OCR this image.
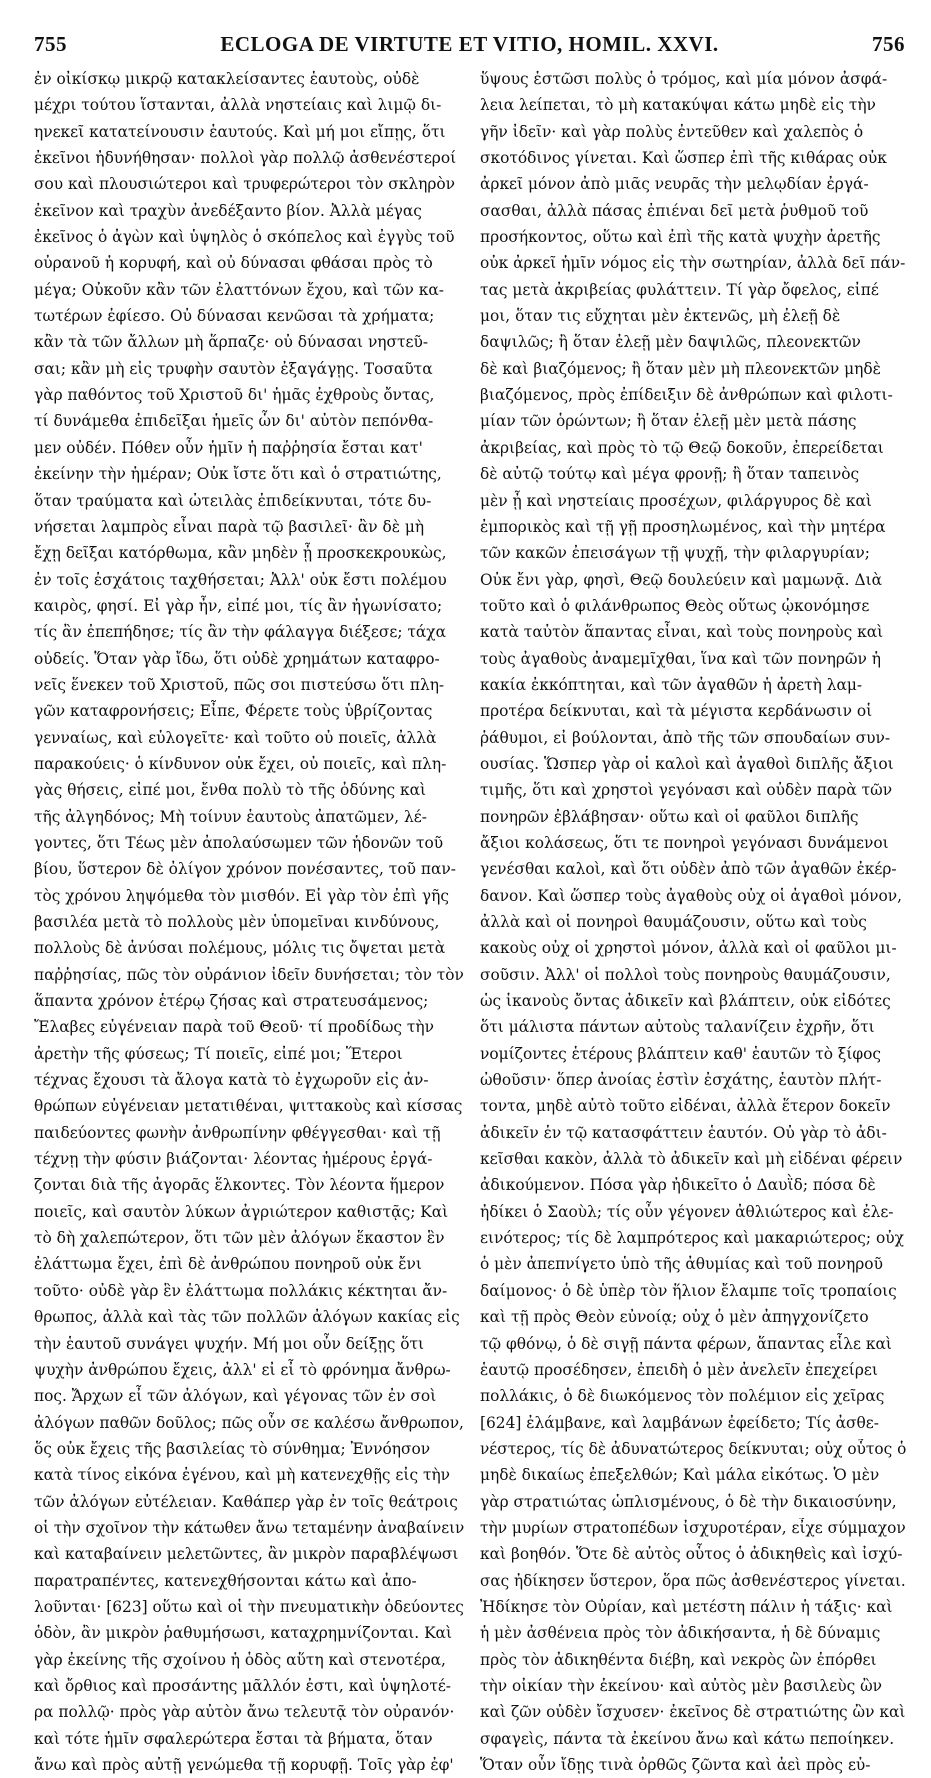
755	ECLOGA DE VIRTUTE ET VITIO, HOMIL. XXVI.	756
ἐν οἰκίσκῳ μικρῷ κατακλείσαντες ἑαυτοὺς, οὐδὲ
μέχρι τούτου ἵστανται, ἀλλὰ νηστείαις καὶ λιμῷ δι-
ηνεκεῖ κατατείνουσιν ἑαυτούς. Καὶ μή μοι εἴπῃς, ὅτι
ἐκεῖνοι ἠδυνήθησαν· πολλοὶ γὰρ πολλῷ ἀσθενέστεροί
σου καὶ πλουσιώτεροι καὶ τρυφερώτεροι τὸν σκληρὸν
ἐκεῖνον καὶ τραχὺν ἀνεδέξαντο βίον. Ἀλλὰ μέγας
ἐκεῖνος ὁ ἀγὼν καὶ ὑψηλὸς ὁ σκόπελος καὶ ἐγγὺς τοῦ
οὐρανοῦ ἡ κορυφή, καὶ οὐ δύνασαι φθάσαι πρὸς τὸ
μέγα; Οὐκοῦν κἂν τῶν ἐλαττόνων ἔχου, καὶ τῶν κα-
τωτέρων ἐφίεσο. Οὐ δύνασαι κενῶσαι τὰ χρήματα;
κἂν τὰ τῶν ἄλλων μὴ ἅρπαζε· οὐ δύνασαι νηστεῦ-
σαι; κἂν μὴ εἰς τρυφὴν σαυτὸν ἐξαγάγῃς. Τοσαῦτα
γὰρ παθόντος τοῦ Χριστοῦ δι' ἡμᾶς ἐχθροὺς ὄντας,
τί δυνάμεθα ἐπιδεῖξαι ἡμεῖς ὧν δι' αὐτὸν πεπόνθα-
μεν οὐδέν. Πόθεν οὖν ἡμῖν ἡ παῤῥησία ἔσται κατ'
ἐκείνην τὴν ἡμέραν; Οὐκ ἴστε ὅτι καὶ ὁ στρατιώτης,
ὅταν τραύματα καὶ ὠτειλὰς ἐπιδείκνυται, τότε δυ-
νήσεται λαμπρὸς εἶναι παρὰ τῷ βασιλεῖ· ἂν δὲ μὴ
ἔχῃ δεῖξαι κατόρθωμα, κἂν μηδὲν ᾖ προσκεκρουκὼς,
ἐν τοῖς ἐσχάτοις ταχθήσεται; Ἀλλ' οὐκ ἔστι πολέμου
καιρὸς, φησί. Εἰ γὰρ ἦν, εἰπέ μοι, τίς ἂν ἠγωνίσατο;
τίς ἂν ἐπεπήδησε; τίς ἂν τὴν φάλαγγα διέξεσε; τάχα
οὐδείς. Ὅταν γὰρ ἴδω, ὅτι οὐδὲ χρημάτων καταφρο-
νεῖς ἕνεκεν τοῦ Χριστοῦ, πῶς σοι πιστεύσω ὅτι πλη-
γῶν καταφρονήσεις; Εἶπε, Φέρετε τοὺς ὑβρίζοντας
γενναίως, καὶ εὐλογεῖτε· καὶ τοῦτο οὐ ποιεῖς, ἀλλὰ
παρακούεις· ὁ κίνδυνον οὐκ ἔχει, οὐ ποιεῖς, καὶ πλη-
γὰς θήσεις, εἰπέ μοι, ἔνθα πολὺ τὸ τῆς ὀδύνης καὶ
τῆς ἀλγηδόνος; Μὴ τοίνυν ἑαυτοὺς ἀπατῶμεν, λέ-
γοντες, ὅτι Τέως μὲν ἀπολαύσωμεν τῶν ἡδονῶν τοῦ
βίου, ὕστερον δὲ ὀλίγον χρόνον πονέσαντες, τοῦ παν-
τὸς χρόνου ληψόμεθα τὸν μισθόν. Εἰ γὰρ τὸν ἐπὶ γῆς
βασιλέα μετὰ τὸ πολλοὺς μὲν ὑπομεῖναι κινδύνους,
πολλοὺς δὲ ἀνύσαι πολέμους, μόλις τις ὄψεται μετὰ
παῤῥησίας, πῶς τὸν οὐράνιον ἰδεῖν δυνήσεται; τὸν τὸν
ἅπαντα χρόνον ἑτέρῳ ζήσας καὶ στρατευσάμενος;
Ἔλαβες εὐγένειαν παρὰ τοῦ Θεοῦ· τί προδίδως τὴν
ἀρετὴν τῆς φύσεως; Τί ποιεῖς, εἰπέ μοι; Ἕτεροι
τέχνας ἔχουσι τὰ ἄλογα κατὰ τὸ ἐγχωροῦν εἰς ἀν-
θρώπων εὐγένειαν μετατιθέναι, ψιττακοὺς καὶ κίσσας
παιδεύοντες φωνὴν ἀνθρωπίνην φθέγγεσθαι· καὶ τῇ
τέχνῃ τὴν φύσιν βιάζονται· λέοντας ἡμέρους ἐργά-
ζονται διὰ τῆς ἀγορᾶς ἕλκοντες. Τὸν λέοντα ἥμερον
ποιεῖς, καὶ σαυτὸν λύκων ἀγριώτερον καθιστᾷς; Καὶ
τὸ δὴ χαλεπώτερον, ὅτι τῶν μὲν ἀλόγων ἕκαστον ἓν
ἐλάττωμα ἔχει, ἐπὶ δὲ ἀνθρώπου πονηροῦ οὐκ ἔνι
τοῦτο· οὐδὲ γὰρ ἓν ἐλάττωμα πολλάκις κέκτηται ἄν-
θρωπος, ἀλλὰ καὶ τὰς τῶν πολλῶν ἀλόγων κακίας εἰς
τὴν ἑαυτοῦ συνάγει ψυχήν. Μή μοι οὖν δείξῃς ὅτι
ψυχὴν ἀνθρώπου ἔχεις, ἀλλ' εἰ εἶ τὸ φρόνημα ἄνθρω-
πος. Ἄρχων εἶ τῶν ἀλόγων, καὶ γέγονας τῶν ἐν σοὶ
ἀλόγων παθῶν δοῦλος; πῶς οὖν σε καλέσω ἄνθρωπον,
ὅς οὐκ ἔχεις τῆς βασιλείας τὸ σύνθημα; Ἐννόησον
κατὰ τίνος εἰκόνα ἐγένου, καὶ μὴ κατενεχθῇς εἰς τὴν
τῶν ἀλόγων εὐτέλειαν. Καθάπερ γὰρ ἐν τοῖς θεάτροις
οἱ τὴν σχοῖνον τὴν κάτωθεν ἄνω τεταμένην ἀναβαίνειν
καὶ καταβαίνειν μελετῶντες, ἂν μικρὸν παραβλέψωσι
παρατραπέντες, κατενεχθήσονται κάτω καὶ ἀπο-
λοῦνται· [623] οὕτω καὶ οἱ τὴν πνευματικὴν ὁδεύοντες
ὁδὸν, ἂν μικρὸν ῥαθυμήσωσι, καταχρημνίζονται. Καὶ
γὰρ ἐκείνης τῆς σχοίνου ἡ ὁδὸς αὕτη καὶ στενοτέρα,
καὶ ὄρθιος καὶ προσάντης μᾶλλόν ἐστι, καὶ ὑψηλοτέ-
ρα πολλῷ· πρὸς γὰρ αὐτὸν ἄνω τελευτᾷ τὸν οὐρανόν·
καὶ τότε ἡμῖν σφαλερώτερα ἔσται τὰ βήματα, ὅταν
ἄνω καὶ πρὸς αὐτῇ γενώμεθα τῇ κορυφῇ. Τοῖς γὰρ ἐφ'
ὕψους ἑστῶσι πολὺς ὁ τρόμος, καὶ μία μόνον ἀσφά-
λεια λείπεται, τὸ μὴ κατακύψαι κάτω μηδὲ εἰς τὴν
γῆν ἰδεῖν· καὶ γὰρ πολὺς ἐντεῦθεν καὶ χαλεπὸς ὁ
σκοτόδινος γίνεται. Καὶ ὥσπερ ἐπὶ τῆς κιθάρας οὐκ
ἀρκεῖ μόνον ἀπὸ μιᾶς νευρᾶς τὴν μελῳδίαν ἐργά-
σασθαι, ἀλλὰ πάσας ἐπιέναι δεῖ μετὰ ῥυθμοῦ τοῦ
προσήκοντος, οὕτω καὶ ἐπὶ τῆς κατὰ ψυχὴν ἀρετῆς
οὐκ ἀρκεῖ ἡμῖν νόμος εἰς τὴν σωτηρίαν, ἀλλὰ δεῖ πάν-
τας μετὰ ἀκριβείας φυλάττειν. Τί γὰρ ὄφελος, εἰπέ
μοι, ὅταν τις εὔχηται μὲν ἐκτενῶς, μὴ ἐλεῇ δὲ
δαψιλῶς; ἢ ὅταν ἐλεῇ μὲν δαψιλῶς, πλεονεκτῶν
δὲ καὶ βιαζόμενος; ἢ ὅταν μὲν μὴ πλεονεκτῶν μηδὲ
βιαζόμενος, πρὸς ἐπίδειξιν δὲ ἀνθρώπων καὶ φιλοτι-
μίαν τῶν ὁρώντων; ἢ ὅταν ἐλεῇ μὲν μετὰ πάσης
ἀκριβείας, καὶ πρὸς τὸ τῷ Θεῷ δοκοῦν, ἐπερείδεται
δὲ αὐτῷ τούτῳ καὶ μέγα φρονῇ; ἢ ὅταν ταπεινὸς
μὲν ᾖ καὶ νηστείαις προσέχων, φιλάργυρος δὲ καὶ
ἐμπορικὸς καὶ τῇ γῇ προσηλωμένος, καὶ τὴν μητέρα
τῶν κακῶν ἐπεισάγων τῇ ψυχῇ, τὴν φιλαργυρίαν;
Οὐκ ἔνι γὰρ, φησὶ, Θεῷ δουλεύειν καὶ μαμωνᾷ. Διὰ
τοῦτο καὶ ὁ φιλάνθρωπος Θεὸς οὕτως ᾠκονόμησε
κατὰ ταὐτὸν ἅπαντας εἶναι, καὶ τοὺς πονηροὺς καὶ
τοὺς ἀγαθοὺς ἀναμεμῖχθαι, ἵνα καὶ τῶν πονηρῶν ἡ
κακία ἐκκόπτηται, καὶ τῶν ἀγαθῶν ἡ ἀρετὴ λαμ-
προτέρα δείκνυται, καὶ τὰ μέγιστα κερδάνωσιν οἱ
ῥάθυμοι, εἰ βούλονται, ἀπὸ τῆς τῶν σπουδαίων συν-
ουσίας. Ὥσπερ γὰρ οἱ καλοὶ καὶ ἀγαθοὶ διπλῆς ἄξιοι
τιμῆς, ὅτι καὶ χρηστοὶ γεγόνασι καὶ οὐδὲν παρὰ τῶν
πονηρῶν ἐβλάβησαν· οὕτω καὶ οἱ φαῦλοι διπλῆς
ἄξιοι κολάσεως, ὅτι τε πονηροὶ γεγόνασι δυνάμενοι
γενέσθαι καλοὶ, καὶ ὅτι οὐδὲν ἀπὸ τῶν ἀγαθῶν ἐκέρ-
δανον. Καὶ ὥσπερ τοὺς ἀγαθοὺς οὐχ οἱ ἀγαθοὶ μόνον,
ἀλλὰ καὶ οἱ πονηροὶ θαυμάζουσιν, οὕτω καὶ τοὺς
κακοὺς οὐχ οἱ χρηστοὶ μόνον, ἀλλὰ καὶ οἱ φαῦλοι μι-
σοῦσιν. Ἀλλ' οἱ πολλοὶ τοὺς πονηροὺς θαυμάζουσιν,
ὡς ἱκανοὺς ὄντας ἀδικεῖν καὶ βλάπτειν, οὐκ εἰδότες
ὅτι μάλιστα πάντων αὐτοὺς ταλανίζειν ἐχρῆν, ὅτι
νομίζοντες ἑτέρους βλάπτειν καθ' ἑαυτῶν τὸ ξίφος
ὠθοῦσιν· ὅπερ ἀνοίας ἐστὶν ἐσχάτης, ἑαυτὸν πλήτ-
τοντα, μηδὲ αὐτὸ τοῦτο εἰδέναι, ἀλλὰ ἕτερον δοκεῖν
ἀδικεῖν ἐν τῷ κατασφάττειν ἑαυτόν. Οὐ γὰρ τὸ ἀδι-
κεῖσθαι κακὸν, ἀλλὰ τὸ ἀδικεῖν καὶ μὴ εἰδέναι φέρειν
ἀδικούμενον. Πόσα γὰρ ἠδικεῖτο ὁ Δαυῒδ; πόσα δὲ
ἠδίκει ὁ Σαοὺλ; τίς οὖν γέγονεν ἀθλιώτερος καὶ ἐλε-
εινότερος; τίς δὲ λαμπρότερος καὶ μακαριώτερος; οὐχ
ὁ μὲν ἀπεπνίγετο ὑπὸ τῆς ἀθυμίας καὶ τοῦ πονηροῦ
δαίμονος· ὁ δὲ ὑπὲρ τὸν ἥλιον ἔλαμπε τοῖς τροπαίοις
καὶ τῇ πρὸς Θεὸν εὐνοίᾳ; οὐχ ὁ μὲν ἀπηγχονίζετο
τῷ φθόνῳ, ὁ δὲ σιγῇ πάντα φέρων, ἅπαντας εἷλε καὶ
ἑαυτῷ προσέδησεν, ἐπειδὴ ὁ μὲν ἀνελεῖν ἐπεχείρει
πολλάκις, ὁ δὲ διωκόμενος τὸν πολέμιον εἰς χεῖρας
[624] ἐλάμβανε, καὶ λαμβάνων ἐφείδετο; Τίς ἀσθε-
νέστερος, τίς δὲ ἀδυνατώτερος δείκνυται; οὐχ οὗτος ὁ
μηδὲ δικαίως ἐπεξελθών; Καὶ μάλα εἰκότως. Ὁ μὲν
γὰρ στρατιώτας ὡπλισμένους, ὁ δὲ τὴν δικαιοσύνην,
τὴν μυρίων στρατοπέδων ἰσχυροτέραν, εἶχε σύμμαχον
καὶ βοηθόν. Ὅτε δὲ αὐτὸς οὗτος ὁ ἀδικηθεὶς καὶ ἰσχύ-
σας ἠδίκησεν ὕστερον, ὅρα πῶς ἀσθενέστερος γίνεται.
Ἠδίκησε τὸν Οὐρίαν, καὶ μετέστη πάλιν ἡ τάξις· καὶ
ἡ μὲν ἀσθένεια πρὸς τὸν ἀδικήσαντα, ἡ δὲ δύναμις
πρὸς τὸν ἀδικηθέντα διέβη, καὶ νεκρὸς ὢν ἐπόρθει
τὴν οἰκίαν τὴν ἐκείνου· καὶ αὐτὸς μὲν βασιλεὺς ὢν
καὶ ζῶν οὐδὲν ἴσχυσεν· ἐκεῖνος δὲ στρατιώτης ὢν καὶ
σφαγεὶς, πάντα τὰ ἐκείνου ἄνω καὶ κάτω πεποίηκεν.
Ὅταν οὖν ἴδῃς τινὰ ὀρθῶς ζῶντα καὶ ἀεὶ πρὸς εὐ-
